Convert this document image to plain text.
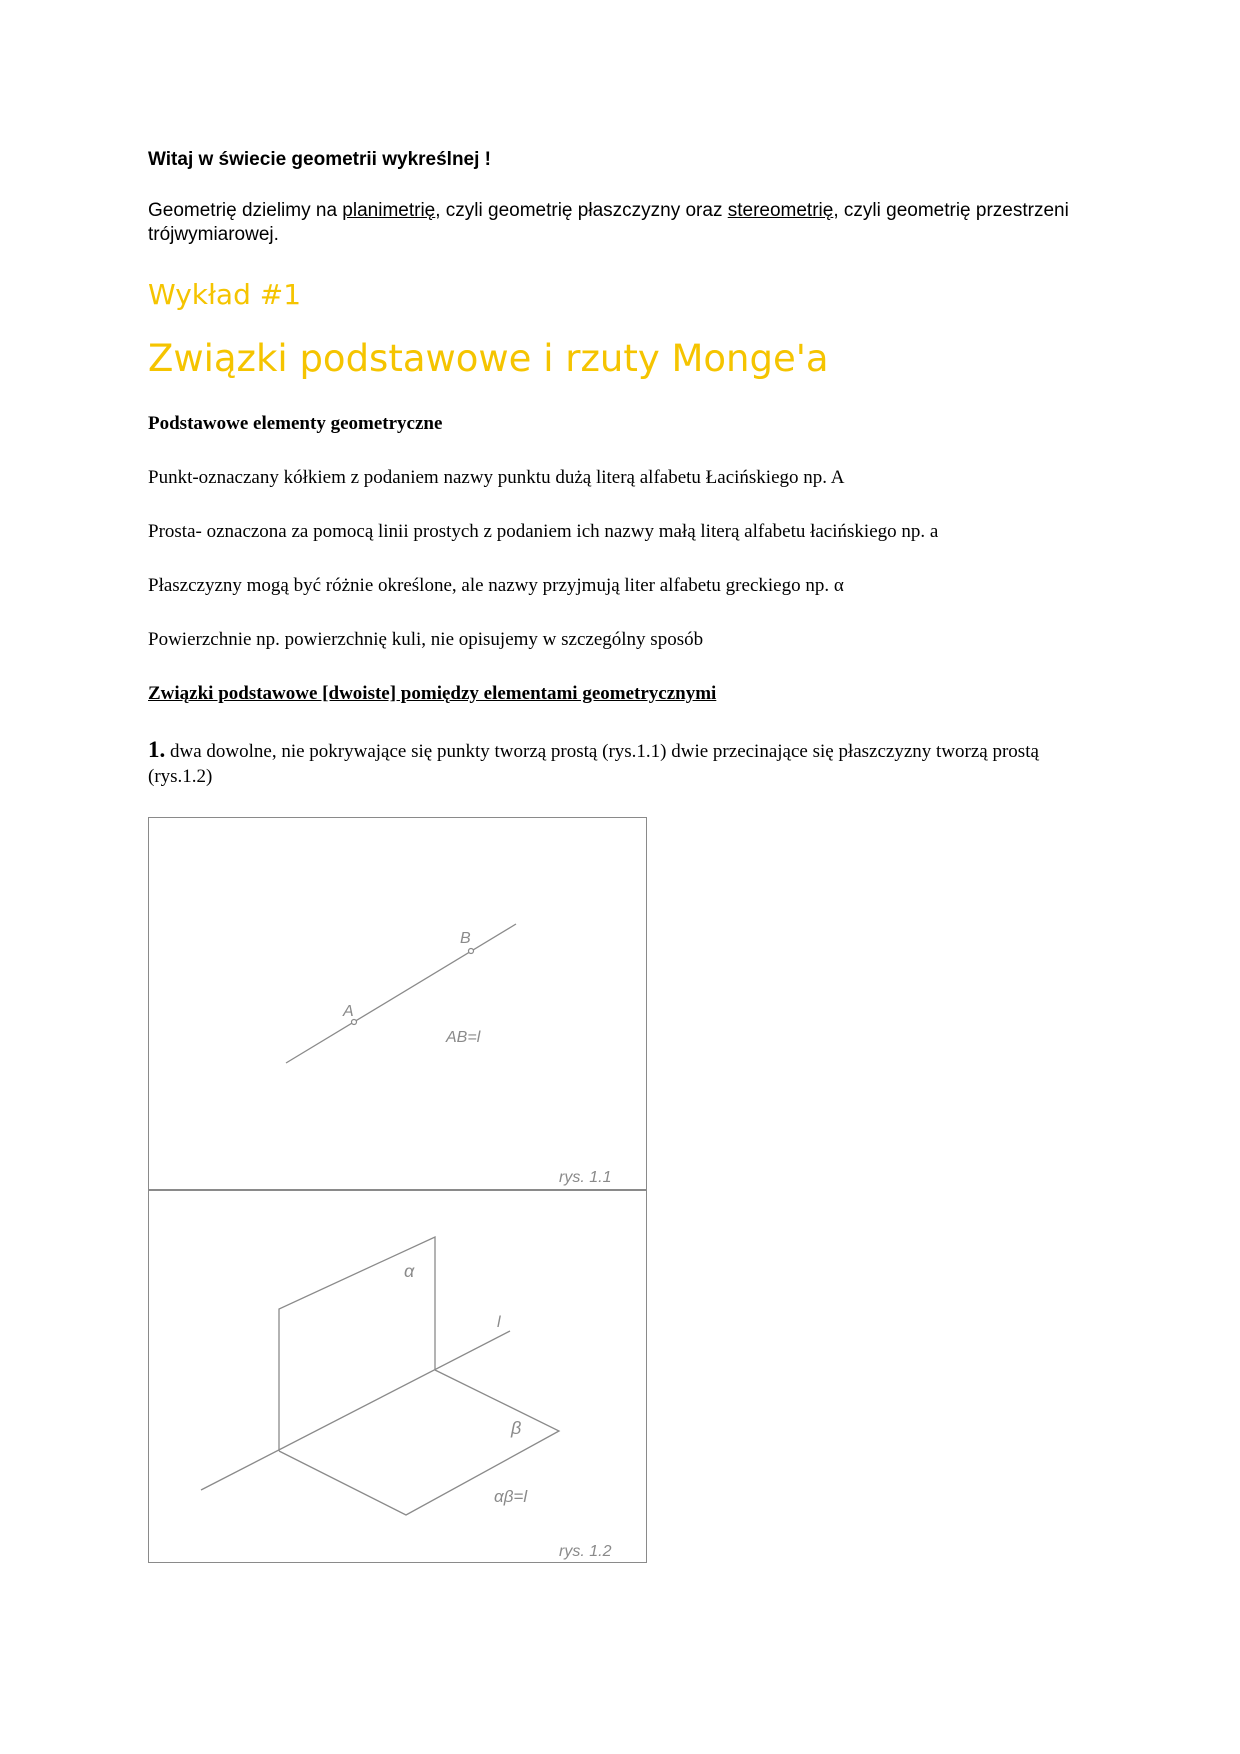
Witaj w świecie geometrii wykreślnej !

Geometrię dzielimy na planimetrię, czyli geometrię płaszczyzny oraz stereometrię, czyli geometrię przestrzeni trójwymiarowej.

Wykład #1

Związki podstawowe i rzuty Monge'a

Podstawowe elementy geometryczne

Punkt-oznaczany kółkiem z podaniem nazwy punktu dużą literą alfabetu Łacińskiego np. A

Prosta- oznaczona za pomocą linii prostych z podaniem ich nazwy małą literą alfabetu łacińskiego np. a

Płaszczyzny mogą być różnie określone, ale nazwy przyjmują liter alfabetu greckiego np. α

Powierzchnie np. powierzchnię kuli, nie opisujemy w szczególny sposób

Związki podstawowe [dwoiste] pomiędzy elementami geometrycznymi

1. dwa dowolne, nie pokrywające się punkty tworzą prostą (rys.1.1) dwie przecinające się płaszczyzny tworzą prostą (rys.1.2)

A
B
AB=l
rys. 1.1
α
l
β
αβ=l
rys. 1.2
